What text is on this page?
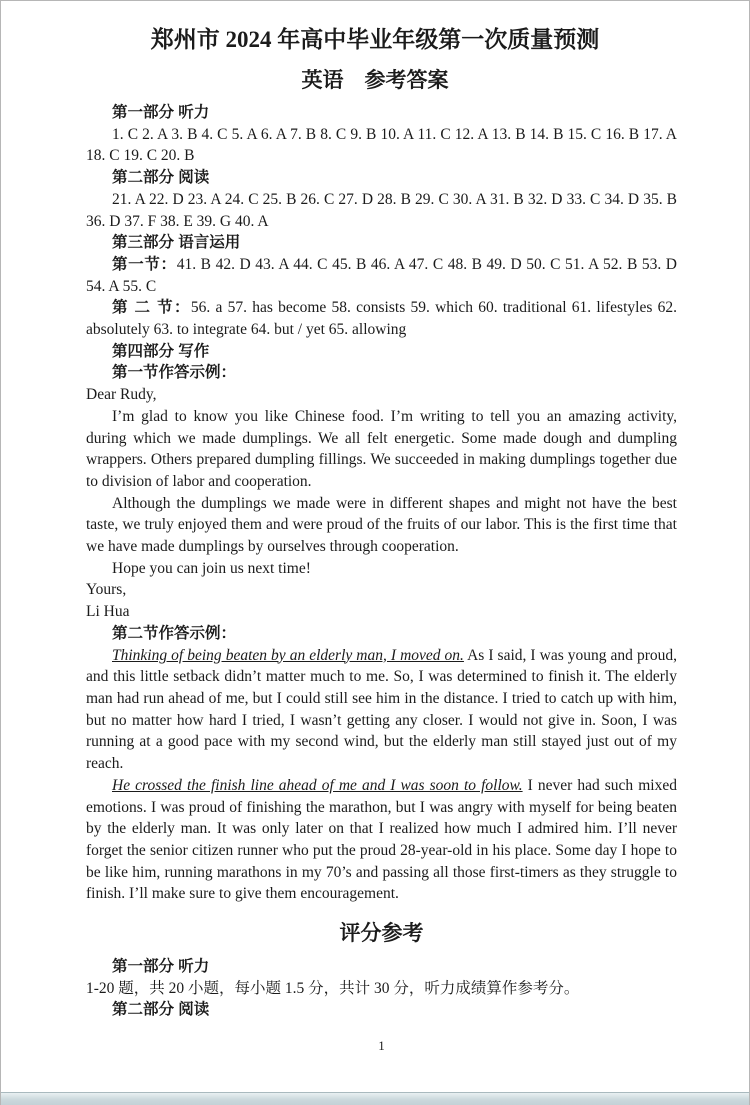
郑州市 2024 年高中毕业年级第一次质量预测
英语　参考答案

第一部分 听力

1. C 2. A 3. B 4. C 5. A 6. A 7. B 8. C 9. B 10. A 11. C 12. A 13. B 14. B 15. C 16. B 17. A 18. C 19. C 20. B

第二部分 阅读

21. A 22. D 23. A 24. C 25. B 26. C 27. D 28. B 29. C 30. A 31. B 32. D 33. C 34. D 35. B 36. D 37. F 38. E 39. G 40. A

第三部分 语言运用

第一节：41. B 42. D 43. A 44. C 45. B 46. A 47. C 48. B 49. D 50. C 51. A 52. B 53. D 54. A 55. C

第 二 节：56. a 57. has become 58. consists 59. which 60. traditional 61. lifestyles 62. absolutely 63. to integrate 64. but / yet 65. allowing

第四部分 写作

第一节作答示例：

Dear Rudy,

I’m glad to know you like Chinese food. I’m writing to tell you an amazing activity, during which we made dumplings. We all felt energetic. Some made dough and dumpling wrappers. Others prepared dumpling fillings. We succeeded in making dumplings together due to division of labor and cooperation.

Although the dumplings we made were in different shapes and might not have the best taste, we truly enjoyed them and were proud of the fruits of our labor. This is the first time that we have made dumplings by ourselves through cooperation.

Hope you can join us next time!

Yours,

Li Hua

第二节作答示例：

Thinking of being beaten by an elderly man, I moved on. As I said, I was young and proud, and this little setback didn’t matter much to me. So, I was determined to finish it. The elderly man had run ahead of me, but I could still see him in the distance. I tried to catch up with him, but no matter how hard I tried, I wasn’t getting any closer. I would not give in. Soon, I was running at a good pace with my second wind, but the elderly man still stayed just out of my reach.

He crossed the finish line ahead of me and I was soon to follow. I never had such mixed emotions. I was proud of finishing the marathon, but I was angry with myself for being beaten by the elderly man. It was only later on that I realized how much I admired him. I’ll never forget the senior citizen runner who put the proud 28-year-old in his place. Some day I hope to be like him, running marathons in my 70’s and passing all those first-timers as they struggle to finish. I’ll make sure to give them encouragement.

评分参考

第一部分 听力

1-20 题，共 20 小题，每小题 1.5 分，共计 30 分，听力成绩算作参考分。

第二部分 阅读

1
